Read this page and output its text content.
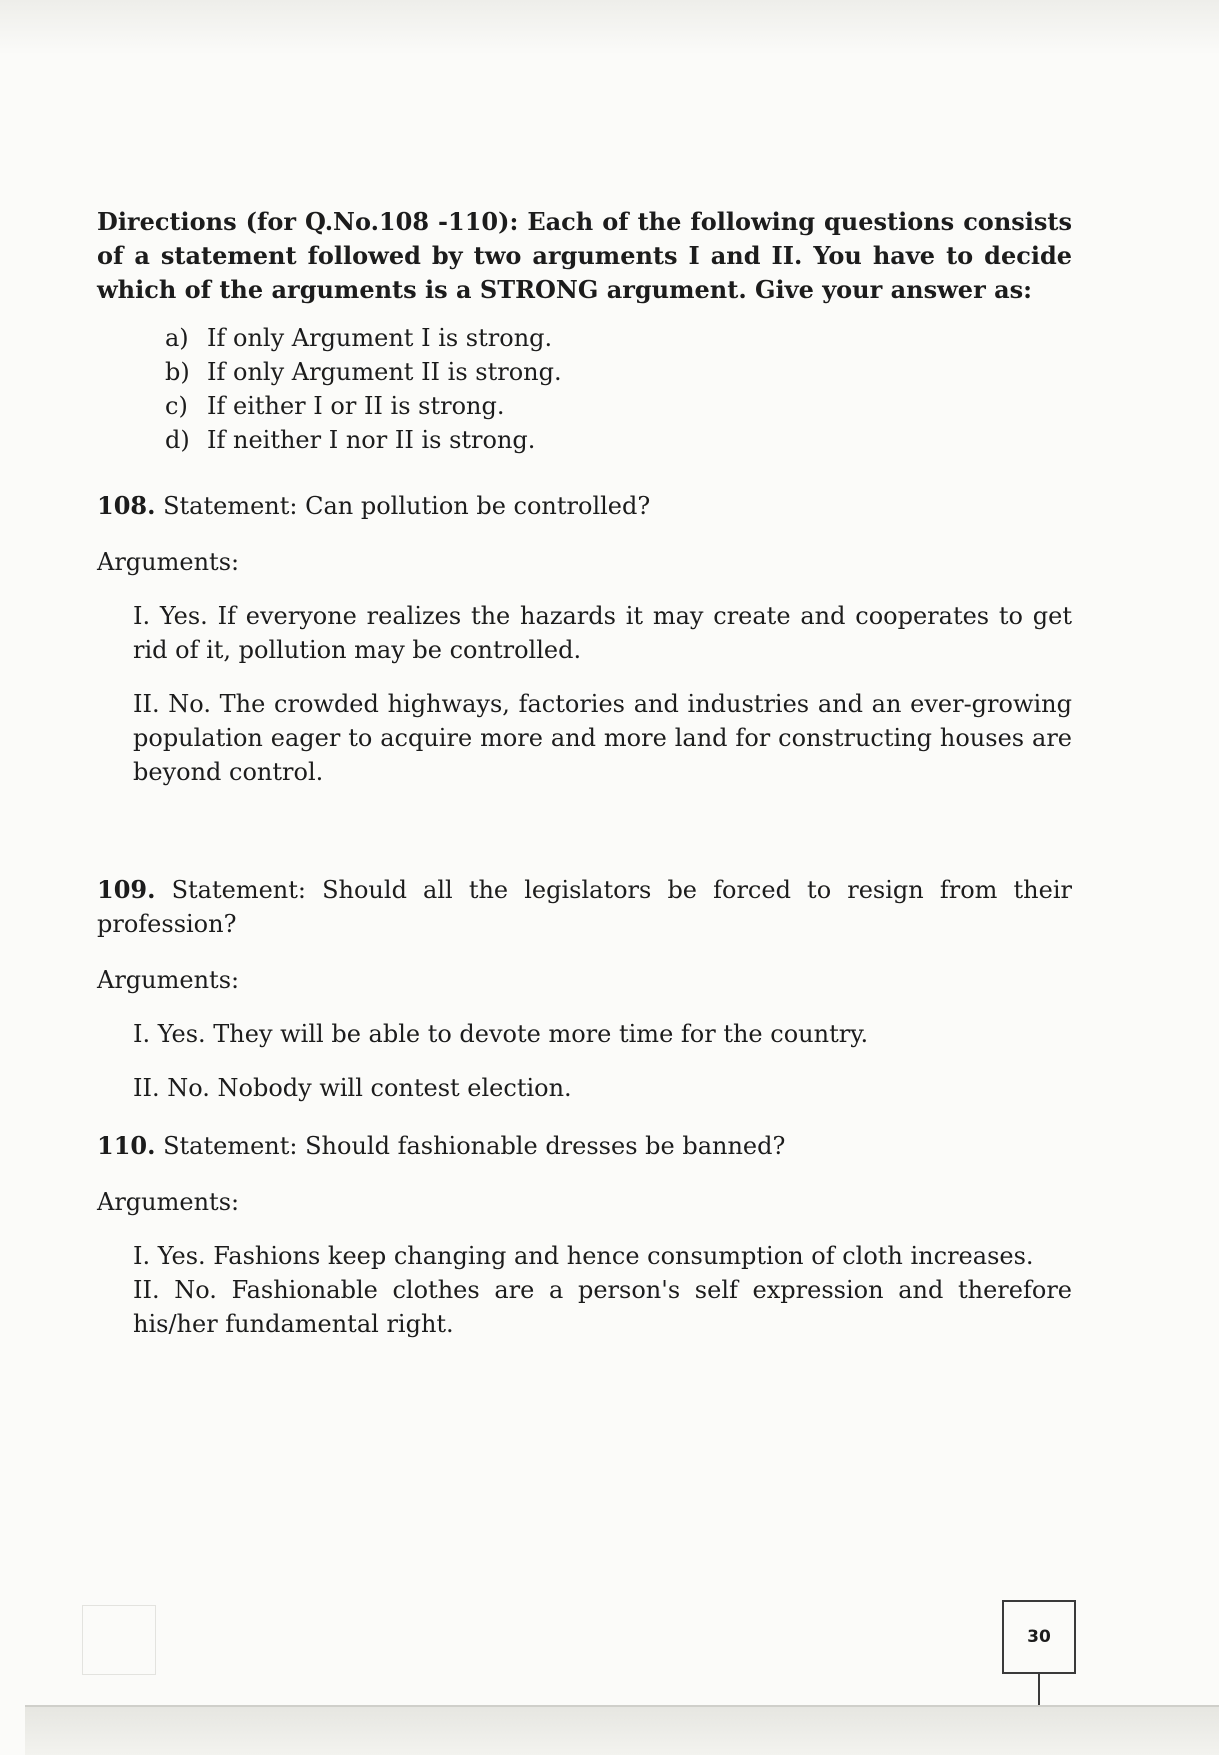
Directions (for Q.No.108 -110): Each of the following questions consists of a statement followed by two arguments I and II. You have to decide which of the arguments is a STRONG argument. Give your answer as:

a) If only Argument I is strong.
b) If only Argument II is strong.
c) If either I or II is strong.
d) If neither I nor II is strong.

108. Statement: Can pollution be controlled?

Arguments:

I. Yes. If everyone realizes the hazards it may create and cooperates to get rid of it, pollution may be controlled.

II. No. The crowded highways, factories and industries and an ever-growing population eager to acquire more and more land for constructing houses are beyond control.

109. Statement: Should all the legislators be forced to resign from their profession?

Arguments:

I. Yes. They will be able to devote more time for the country.

II. No. Nobody will contest election.

110. Statement: Should fashionable dresses be banned?

Arguments:

I. Yes. Fashions keep changing and hence consumption of cloth increases.

II. No. Fashionable clothes are a person's self expression and therefore his/her fundamental right.

30
